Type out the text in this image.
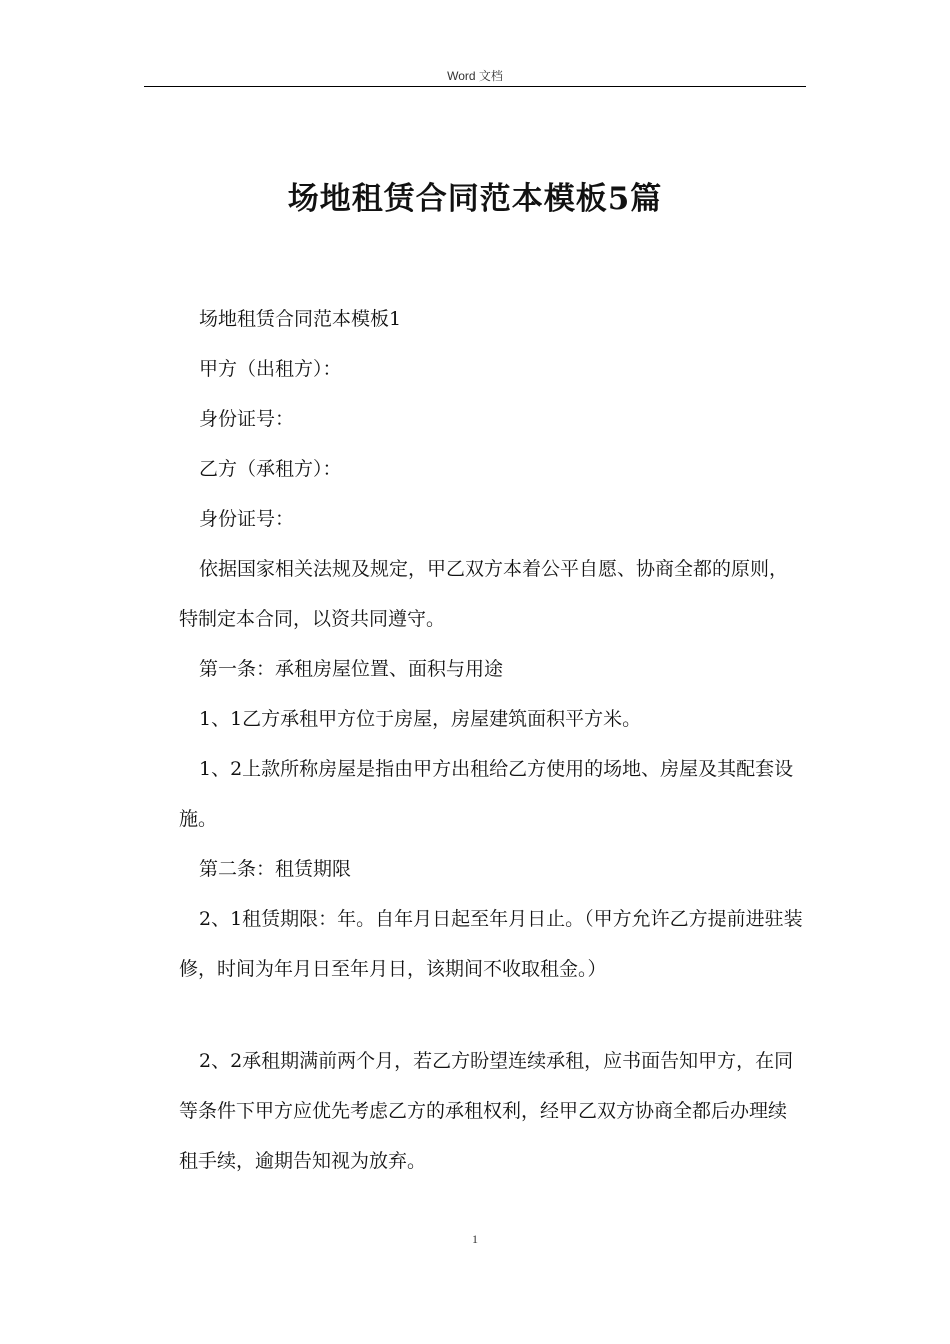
Word 文档
场地租赁合同范本模板5篇

场地租赁合同范本模板1

甲方（出租方）：

身份证号：

乙方（承租方）：

身份证号：

依据国家相关法规及规定，甲乙双方本着公平自愿、协商全都的原则，特制定本合同，以资共同遵守。

第一条：承租房屋位置、面积与用途

1、1乙方承租甲方位于房屋，房屋建筑面积平方米。

1、2上款所称房屋是指由甲方出租给乙方使用的场地、房屋及其配套设施。

第二条：租赁期限

2、1租赁期限：年。自年月日起至年月日止。（甲方允许乙方提前进驻装修，时间为年月日至年月日，该期间不收取租金。）

2、2承租期满前两个月，若乙方盼望连续承租，应书面告知甲方，在同等条件下甲方应优先考虑乙方的承租权利，经甲乙双方协商全都后办理续租手续，逾期告知视为放弃。

1
